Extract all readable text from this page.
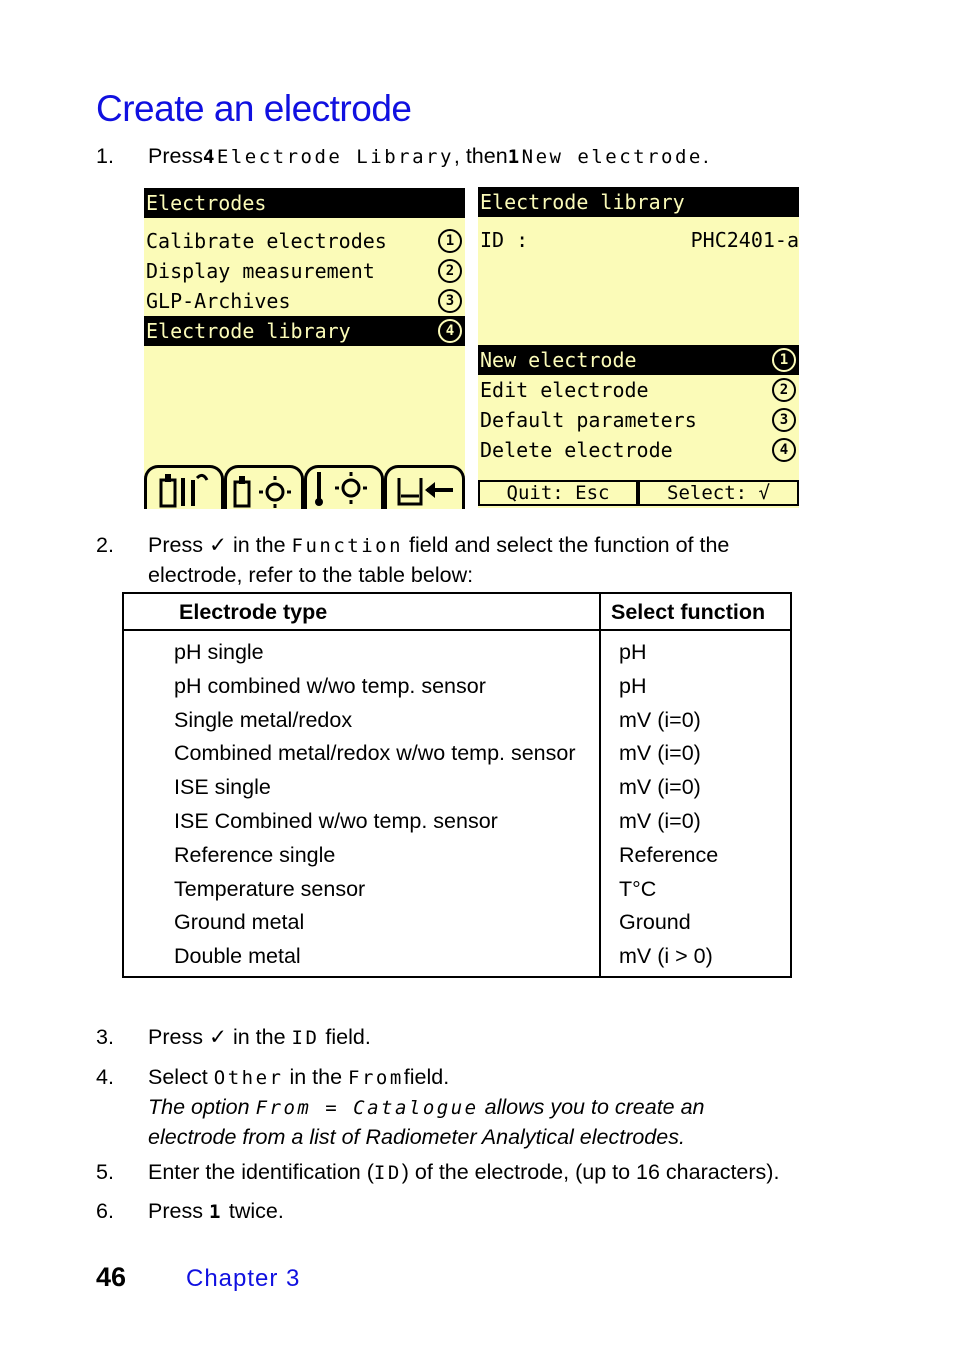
Create an electrode
1. Press4Electrode Library, then1New electrode.
Electrodes
Calibrate electrodes	1
Display measurement	2
GLP-Archives	3
Electrode library	4
Electrode library
ID :	PHC2401-a
New electrode	1
Edit electrode	2
Default parameters	3
Delete electrode	4
Quit: Esc	Select: √
2. Press ✓ in the Function field and select the function of the
electrode, refer to the table below:
Electrode type	Select function
pH single	pH
pH combined w/wo temp. sensor	pH
Single metal/redox	mV (i=0)
Combined metal/redox w/wo temp. sensor mV (i=0)
ISE single	mV (i=0)
ISE Combined w/wo temp. sensor	mV (i=0)
Reference single	Reference
Temperature sensor	T°C
Ground metal	Ground
Double metal	mV (i > 0)
3. Press ✓ in the ID field.
4. Select Other in the Fromfield.
The option From = Catalogue allows you to create an
electrode from a list of Radiometer Analytical electrodes.
5. Enter the identification (ID) of the electrode, (up to 16 characters).
6. Press 1 twice.
46 Chapter 3
